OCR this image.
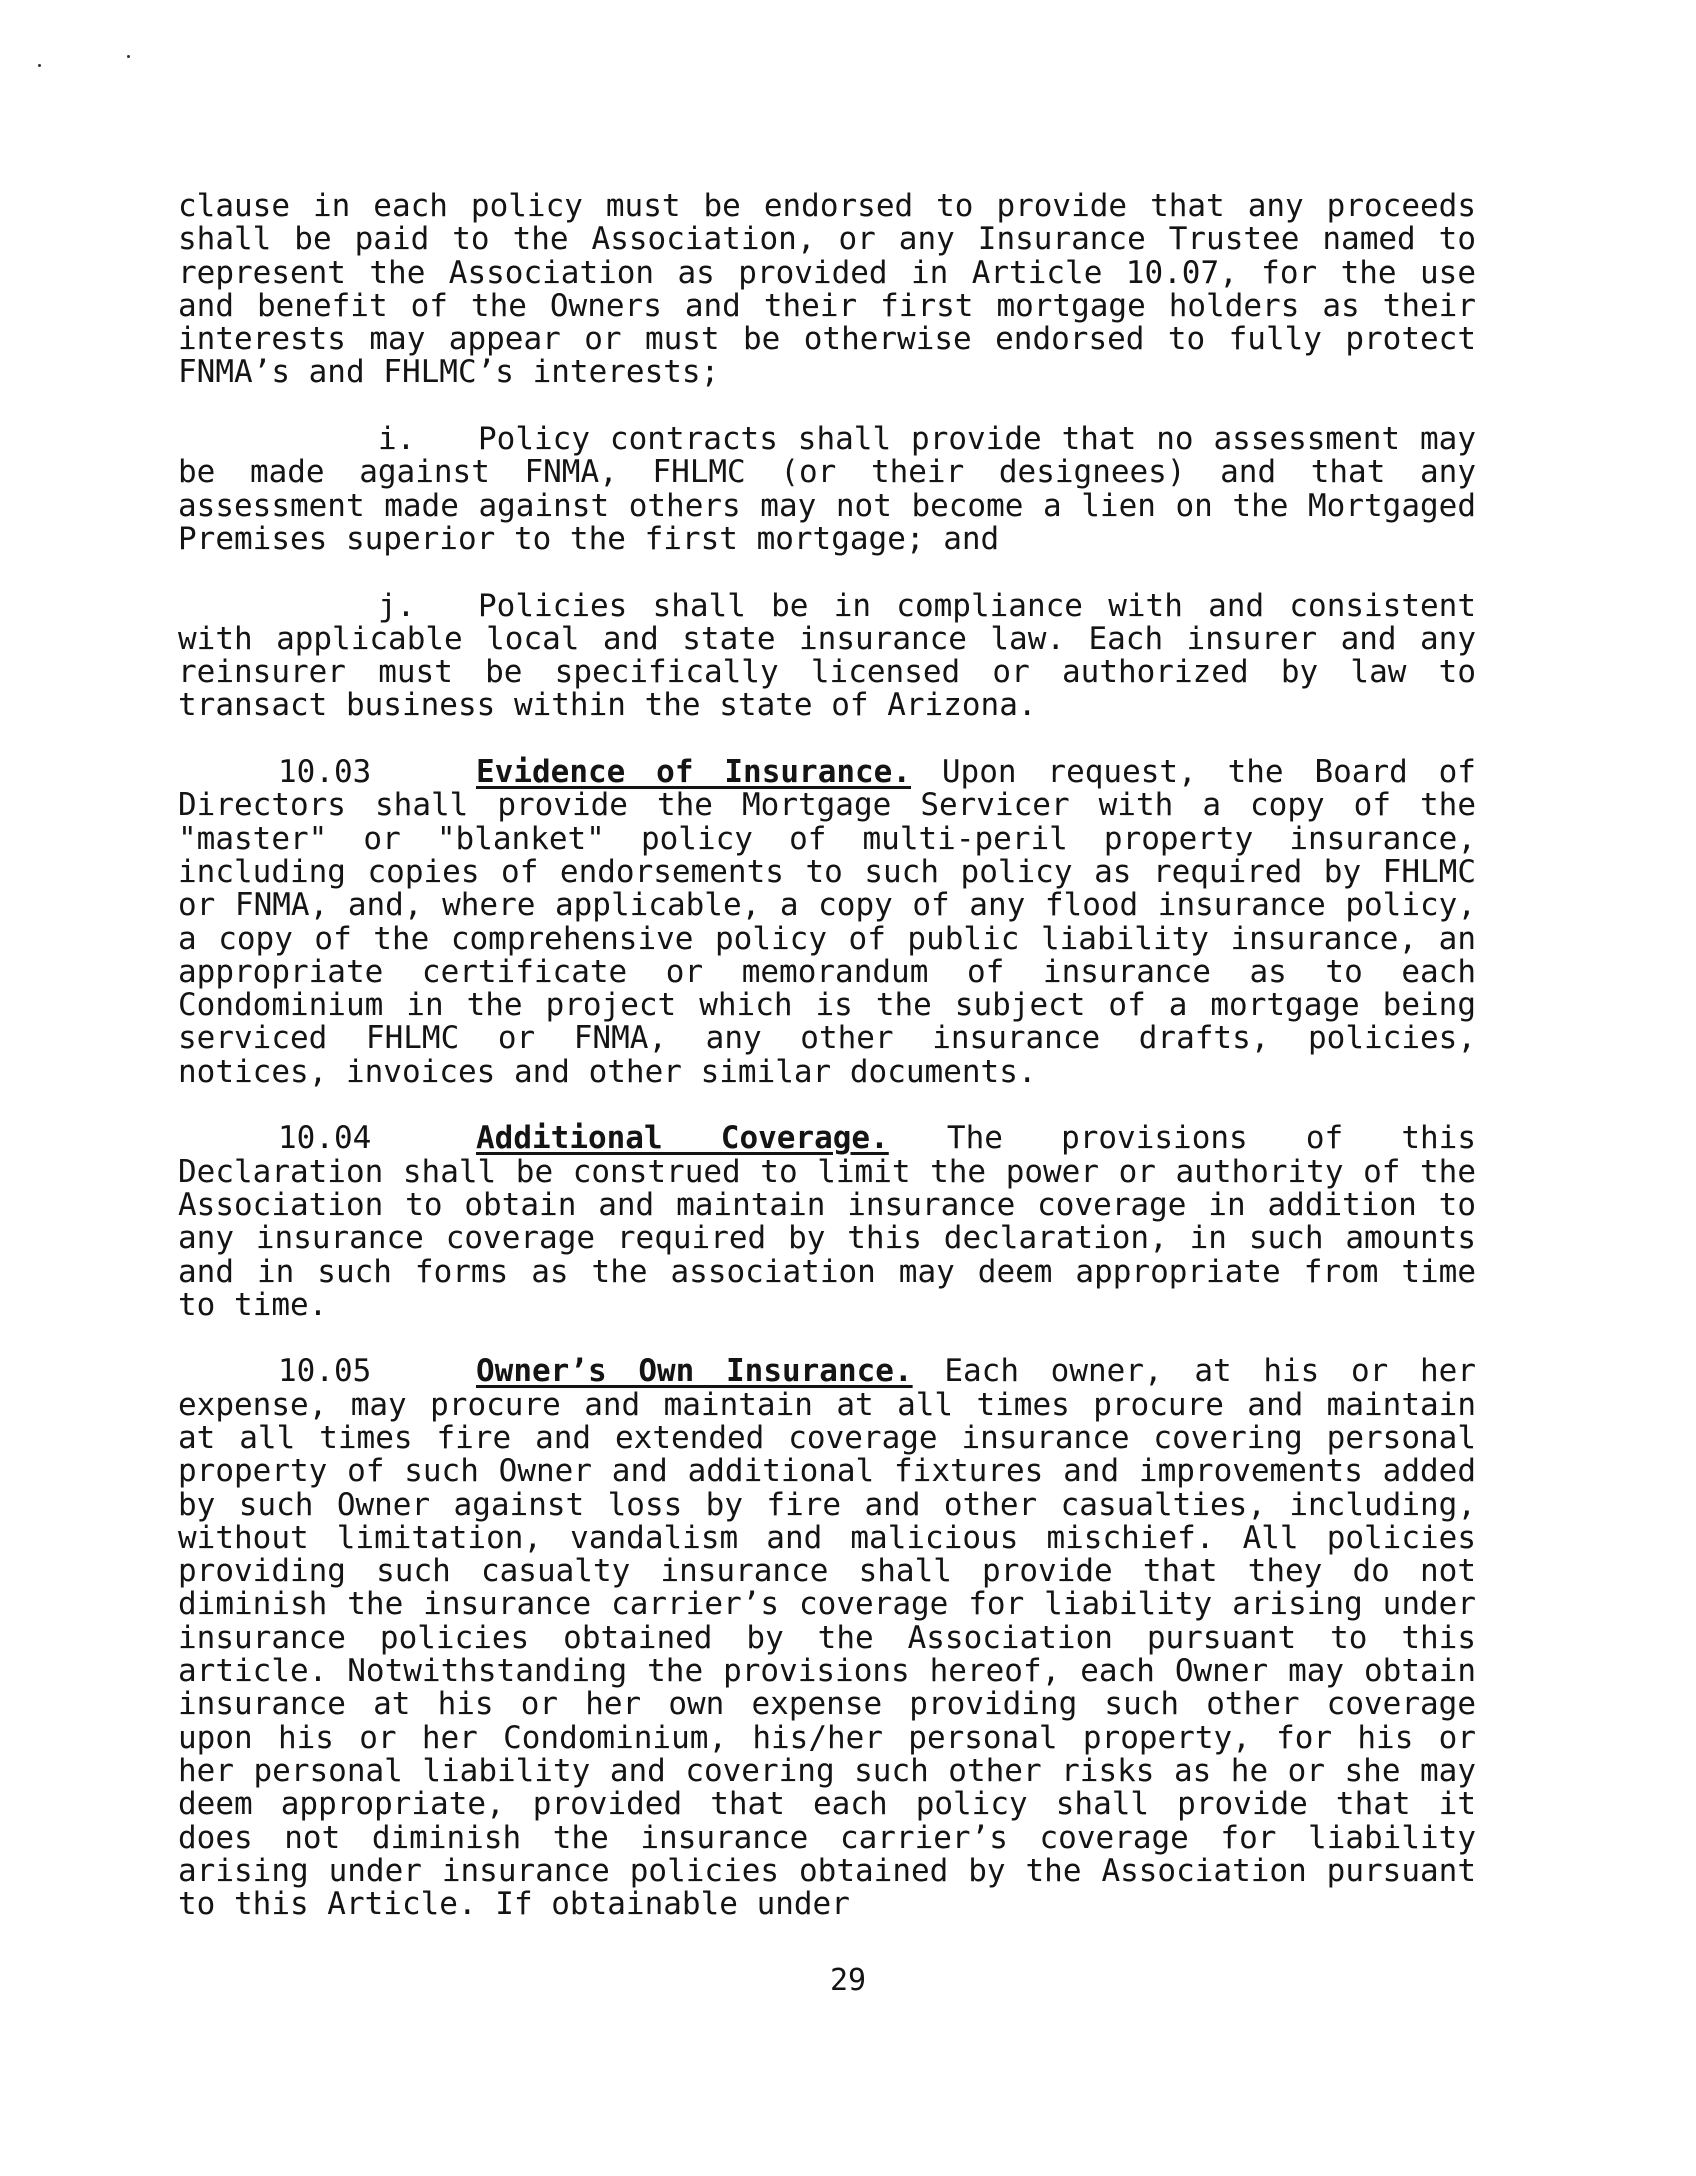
clause in each policy must be endorsed to provide that any proceeds shall be paid to the Association, or any Insurance Trustee named to represent the Association as provided in Article 10.07, for the use and benefit of the Owners and their first mortgage holders as their interests may appear or must be otherwise endorsed to fully protect FNMA’s and FHLMC’s interests;

i. Policy contracts shall provide that no assessment may be made against FNMA, FHLMC (or their designees) and that any assessment made against others may not become a lien on the Mortgaged Premises superior to the first mortgage; and

j. Policies shall be in compliance with and consistent with applicable local and state insurance law. Each insurer and any reinsurer must be specifically licensed or authorized by law to transact business within the state of Arizona.

10.03	Evidence of Insurance. Upon request, the Board of Directors shall provide the Mortgage Servicer with a copy of the "master" or "blanket" policy of multi-peril property insurance, including copies of endorsements to such policy as required by FHLMC or FNMA, and, where applicable, a copy of any flood insurance policy, a copy of the comprehensive policy of public liability insurance, an appropriate certificate or memorandum of insurance as to each Condominium in the project which is the subject of a mortgage being serviced FHLMC or FNMA, any other insurance drafts, policies, notices, invoices and other similar documents.

10.04	Additional Coverage. The provisions of this Declaration shall be construed to limit the power or authority of the Association to obtain and maintain insurance coverage in addition to any insurance coverage required by this declaration, in such amounts and in such forms as the association may deem appropriate from time to time.

10.05	Owner’s Own Insurance. Each owner, at his or her expense, may procure and maintain at all times procure and maintain at all times fire and extended coverage insurance covering personal property of such Owner and additional fixtures and improvements added by such Owner against loss by fire and other casualties, including, without limitation, vandalism and malicious mischief. All policies providing such casualty insurance shall provide that they do not diminish the insurance carrier’s coverage for liability arising under insurance policies obtained by the Association pursuant to this article. Notwithstanding the provisions hereof, each Owner may obtain insurance at his or her own expense providing such other coverage upon his or her Condominium, his/her personal property, for his or her personal liability and covering such other risks as he or she may deem appropriate, provided that each policy shall provide that it does not diminish the insurance carrier’s coverage for liability arising under insurance policies obtained by the Association pursuant to this Article. If obtainable under

29
